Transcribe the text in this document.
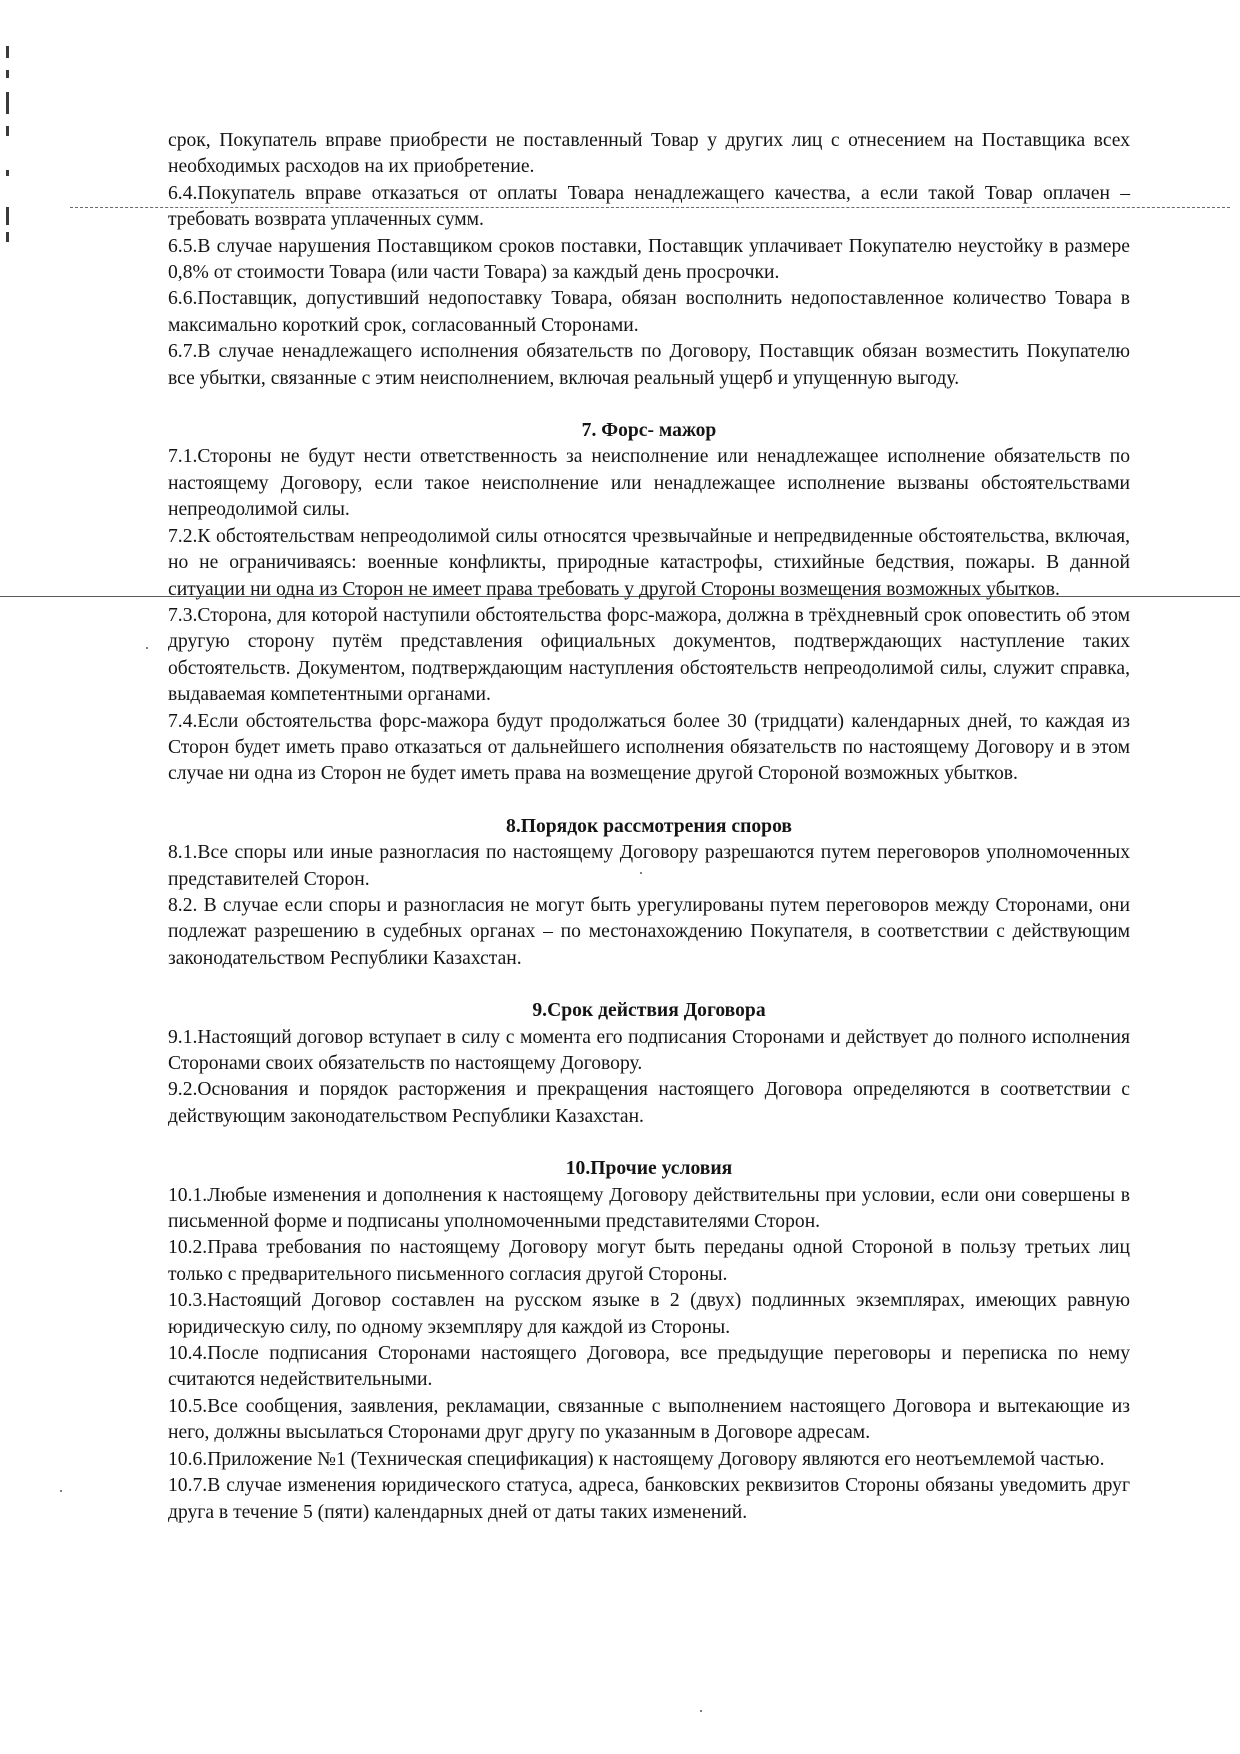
срок, Покупатель вправе приобрести не поставленный Товар у других лиц с отнесением на Поставщика всех необходимых расходов на их приобретение.

6.4.Покупатель вправе отказаться от оплаты Товара ненадлежащего качества, а если такой Товар оплачен – требовать возврата уплаченных сумм.

6.5.В случае нарушения Поставщиком сроков поставки, Поставщик уплачивает Покупателю неустойку в размере 0,8% от стоимости Товара (или части Товара) за каждый день просрочки.

6.6.Поставщик, допустивший недопоставку Товара, обязан восполнить недопоставленное количество Товара в максимально короткий срок, согласованный Сторонами.

6.7.В случае ненадлежащего исполнения обязательств по Договору, Поставщик обязан возместить Покупателю все убытки, связанные с этим неисполнением, включая реальный ущерб и упущенную выгоду.

7. Форс- мажор

7.1.Стороны не будут нести ответственность за неисполнение или ненадлежащее исполнение обязательств по настоящему Договору, если такое неисполнение или ненадлежащее исполнение вызваны обстоятельствами непреодолимой силы.

7.2.К обстоятельствам непреодолимой силы относятся чрезвычайные и непредвиденные обстоятельства, включая, но не ограничиваясь: военные конфликты, природные катастрофы, стихийные бедствия, пожары. В данной ситуации ни одна из Сторон не имеет права требовать у другой Стороны возмещения возможных убытков.

7.3.Сторона, для которой наступили обстоятельства форс-мажора, должна в трёхдневный срок оповестить об этом другую сторону путём представления официальных документов, подтверждающих наступление таких обстоятельств. Документом, подтверждающим наступления обстоятельств непреодолимой силы, служит справка, выдаваемая компетентными органами.

7.4.Если обстоятельства форс-мажора будут продолжаться более 30 (тридцати) календарных дней, то каждая из Сторон будет иметь право отказаться от дальнейшего исполнения обязательств по настоящему Договору и в этом случае ни одна из Сторон не будет иметь права на возмещение другой Стороной возможных убытков.

8.Порядок рассмотрения споров

8.1.Все споры или иные разногласия по настоящему Договору разрешаются путем переговоров уполномоченных представителей Сторон.

8.2. В случае если споры и разногласия не могут быть урегулированы путем переговоров между Сторонами, они подлежат разрешению в судебных органах – по местонахождению Покупателя, в соответствии с действующим законодательством Республики Казахстан.

9.Срок действия Договора

9.1.Настоящий договор вступает в силу с момента его подписания Сторонами и действует до полного исполнения Сторонами своих обязательств по настоящему Договору.

9.2.Основания и порядок расторжения и прекращения настоящего Договора определяются в соответствии с действующим законодательством Республики Казахстан.

10.Прочие условия

10.1.Любые изменения и дополнения к настоящему Договору действительны при условии, если они совершены в письменной форме и подписаны уполномоченными представителями Сторон.

10.2.Права требования по настоящему Договору могут быть переданы одной Стороной в пользу третьих лиц только с предварительного письменного согласия другой Стороны.

10.3.Настоящий Договор составлен на русском языке в 2 (двух) подлинных экземплярах, имеющих равную юридическую силу, по одному экземпляру для каждой из Стороны.

10.4.После подписания Сторонами настоящего Договора, все предыдущие переговоры и переписка по нему считаются недействительными.

10.5.Все сообщения, заявления, рекламации, связанные с выполнением настоящего Договора и вытекающие из него, должны высылаться Сторонами друг другу по указанным в Договоре адресам.

10.6.Приложение №1 (Техническая спецификация) к настоящему Договору являются его неотъемлемой частью.

10.7.В случае изменения юридического статуса, адреса, банковских реквизитов Стороны обязаны уведомить друг друга в течение 5 (пяти) календарных дней от даты таких изменений.
